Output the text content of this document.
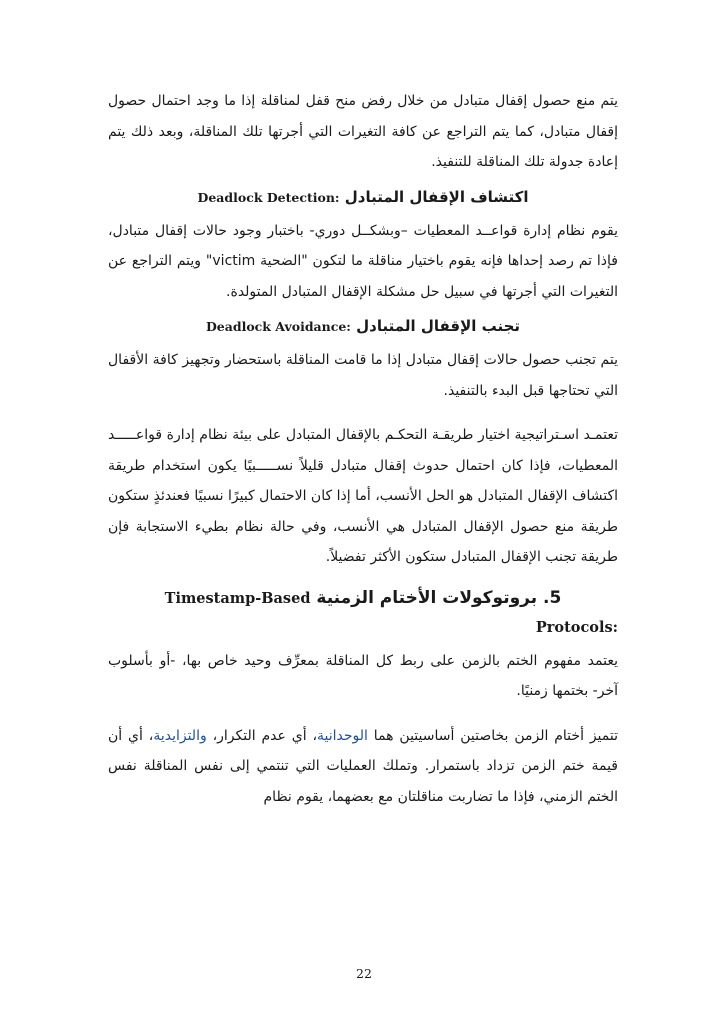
يتم منع حصول إقفال متبادل من خلال رفض منح قفل لمناقلة إذا ما وجد احتمال حصول إقفال متبادل، كما يتم التراجع عن كافة التغيرات التي أجرتها تلك المناقلة، وبعد ذلك يتم إعادة جدولة تلك المناقلة للتنفيذ.

اكتشاف الإقفال المتبادل Deadlock Detection:

يقوم نظام إدارة قواعــد المعطيات –وبشكــل دوري- باختبار وجود حالات إقفال متبادل، فإذا تم رصد إحداها فإنه يقوم باختيار مناقلة ما لتكون "الضحية victim" ويتم التراجع عن التغيرات التي أجرتها في سبيل حل مشكلة الإقفال المتبادل المتولدة.

تجنب الإقفال المتبادل Deadlock Avoidance:

يتم تجنب حصول حالات إقفال متبادل إذا ما قامت المناقلة باستحضار وتجهيز كافة الأقفال التي تحتاجها قبل البدء بالتنفيذ.

تعتمـد اسـتراتيجية اختيار طريقـة التحكـم بالإقفال المتبادل على بيئة نظام إدارة قواعـــــد المعطيات، فإذا كان احتمال حدوث إقفال متبادل قليلاً نســـــبيًا يكون استخدام طريقة اكتشاف الإقفال المتبادل هو الحل الأنسب، أما إذا كان الاحتمال كبيرًا نسبيًا فعندئذٍ ستكون طريقة منع حصول الإقفال المتبادل هي الأنسب، وفي حالة نظام بطيء الاستجابة فإن طريقة تجنب الإقفال المتبادل ستكون الأكثر تفضيلاً.

5. بروتوكولات الأختام الزمنية Timestamp-Based
Protocols:

يعتمد مفهوم الختم بالزمن على ربط كل المناقلة بمعرِّف وحيد خاص بها، -أو بأسلوب آخر- بختمها زمنيًا.

تتميز أختام الزمن بخاصتين أساسيتين هما الوحدانية، أي عدم التكرار، والتزايدية، أي أن قيمة ختم الزمن تزداد باستمرار. وتملك العمليات التي تنتمي إلى نفس المناقلة نفس الختم الزمني، فإذا ما تضاربت مناقلتان مع بعضهما، يقوم نظام

22
